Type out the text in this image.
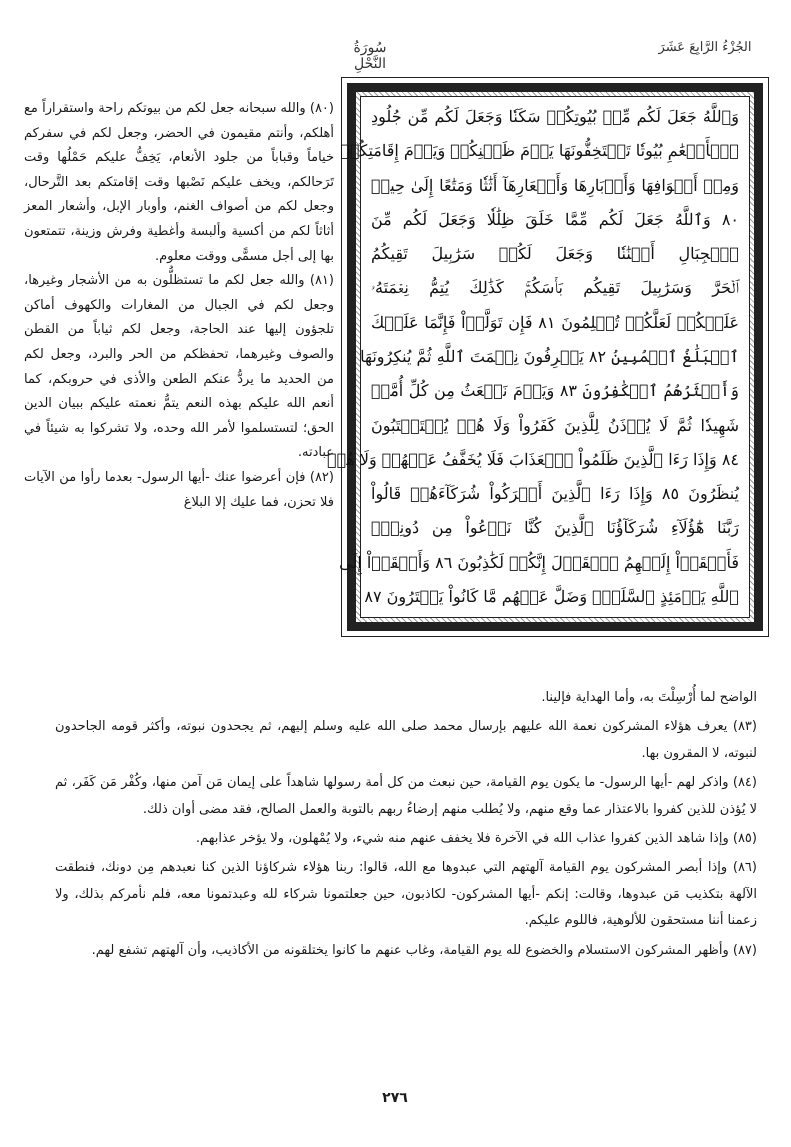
سُورَةُ النَّحْلِ
الجُزْءُ الرَّابِعَ عَشَرَ
وَٱللَّهُ جَعَلَ لَكُم مِّنۢ بُيُوتِكُمۡ سَكَنٗا وَجَعَلَ لَكُم مِّن جُلُودِ
ٱلۡأَنۡعَٰمِ بُيُوتٗا تَسۡتَخِفُّونَهَا يَوۡمَ ظَعۡنِكُمۡ وَيَوۡمَ إِقَامَتِكُمۡ
وَمِنۡ أَصۡوَافِهَا وَأَوۡبَارِهَا وَأَشۡعَارِهَآ أَثَٰثٗا وَمَتَٰعًا إِلَىٰ حِينٖ
٨٠ وَٱللَّهُ جَعَلَ لَكُم مِّمَّا خَلَقَ ظِلَٰلٗا وَجَعَلَ لَكُم مِّنَ
ٱلۡجِبَالِ أَكۡنَٰنٗا وَجَعَلَ لَكُمۡ سَرَٰبِيلَ تَقِيكُمُ
ٱلۡحَرَّ وَسَرَٰبِيلَ تَقِيكُم بَأۡسَكُمۡۚ كَذَٰلِكَ يُتِمُّ نِعۡمَتَهُۥ
عَلَيۡكُمۡ لَعَلَّكُمۡ تُسۡلِمُونَ ٨١ فَإِن تَوَلَّوۡاْ فَإِنَّمَا عَلَيۡكَ
ٱلۡبَلَٰغُ ٱلۡمُبِينُ ٨٢ يَعۡرِفُونَ نِعۡمَتَ ٱللَّهِ ثُمَّ يُنكِرُونَهَا
وَأَكۡثَرُهُمُ ٱلۡكَٰفِرُونَ ٨٣ وَيَوۡمَ نَبۡعَثُ مِن كُلِّ أُمَّةٖ
شَهِيدٗا ثُمَّ لَا يُؤۡذَنُ لِلَّذِينَ كَفَرُواْ وَلَا هُمۡ يُسۡتَعۡتَبُونَ
٨٤ وَإِذَا رَءَا ٱلَّذِينَ ظَلَمُواْ ٱلۡعَذَابَ فَلَا يُخَفَّفُ عَنۡهُمۡ وَلَا هُمۡ
يُنظَرُونَ ٨٥ وَإِذَا رَءَا ٱلَّذِينَ أَشۡرَكُواْ شُرَكَآءَهُمۡ قَالُواْ
رَبَّنَا هَٰٓؤُلَآءِ شُرَكَآؤُنَا ٱلَّذِينَ كُنَّا نَدۡعُواْ مِن دُونِكَۖ
فَأَلۡقَوۡاْ إِلَيۡهِمُ ٱلۡقَوۡلَ إِنَّكُمۡ لَكَٰذِبُونَ ٨٦ وَأَلۡقَوۡاْ إِلَى
ٱللَّهِ يَوۡمَئِذٍ ٱلسَّلَمَۖ وَضَلَّ عَنۡهُم مَّا كَانُواْ يَفۡتَرُونَ ٨٧

(٨٠) والله سبحانه جعل لكم من بيوتكم راحة واستقراراً مع أهلكم، وأنتم مقيمون في الحضر، وجعل لكم في سفركم خياماً وقباباً من جلود الأنعام، يَخِفُّ عليكم حَمْلُها وقت تَرَحالكم، ويخف عليكم نَصْبها وقت إقامتكم بعد التَّرحال، وجعل لكم من أصواف الغنم، وأوبار الإبل، وأشعار المعز أثاثاً لكم من أكسية وألبسة وأغطية وفرش وزينة، تتمتعون بها إلى أجل مسمًّى ووقت معلوم.

(٨١) والله جعل لكم ما تستظلُّون به من الأشجار وغيرها، وجعل لكم في الجبال من المغارات والكهوف أماكن تلجؤون إليها عند الحاجة، وجعل لكم ثياباً من القطن والصوف وغيرهما، تحفظكم من الحر والبرد، وجعل لكم من الحديد ما يردُّ عنكم الطعن والأذى في حروبكم، كما أنعم الله عليكم بهذه النعم يتمُّ نعمته عليكم ببيان الدين الحق؛ لتستسلموا لأمر الله وحده، ولا تشركوا به شيئاً في عبادته.

(٨٢) فإن أعرضوا عنك -أيها الرسول- بعدما رأوا من الآيات فلا تحزن، فما عليك إلا البلاغ

الواضح لما أُرْسِلْتَ به، وأما الهداية فإلينا.

(٨٣) يعرف هؤلاء المشركون نعمة الله عليهم بإرسال محمد صلى الله عليه وسلم إليهم، ثم يجحدون نبوته، وأكثر قومه الجاحدون لنبوته، لا المقرون بها.

(٨٤) واذكر لهم -أيها الرسول- ما يكون يوم القيامة، حين نبعث من كل أمة رسولها شاهداً على إيمان مَن آمن منها، وكُفْر مَن كَفَر، ثم لا يُؤذن للذين كفروا بالاعتذار عما وقع منهم، ولا يُطلب منهم إرضاءُ ربهم بالتوبة والعمل الصالح، فقد مضى أوان ذلك.

(٨٥) وإذا شاهد الذين كفروا عذاب الله في الآخرة فلا يخفف عنهم منه شيء، ولا يُمْهلون، ولا يؤخر عذابهم.

(٨٦) وإذا أبصر المشركون يوم القيامة آلهتهم التي عبدوها مع الله، قالوا: ربنا هؤلاء شركاؤنا الذين كنا نعبدهم مِن دونك، فنطقت الآلهة بتكذيب مَن عبدوها، وقالت: إنكم -أيها المشركون- لكاذبون، حين جعلتمونا شركاء لله وعبدتمونا معه، فلم نأمركم بذلك، ولا زعمنا أننا مستحقون للألوهية، فاللوم عليكم.

(٨٧) وأظهر المشركون الاستسلام والخضوع لله يوم القيامة، وغاب عنهم ما كانوا يختلقونه من الأكاذيب، وأن آلهتهم تشفع لهم.

٢٧٦
